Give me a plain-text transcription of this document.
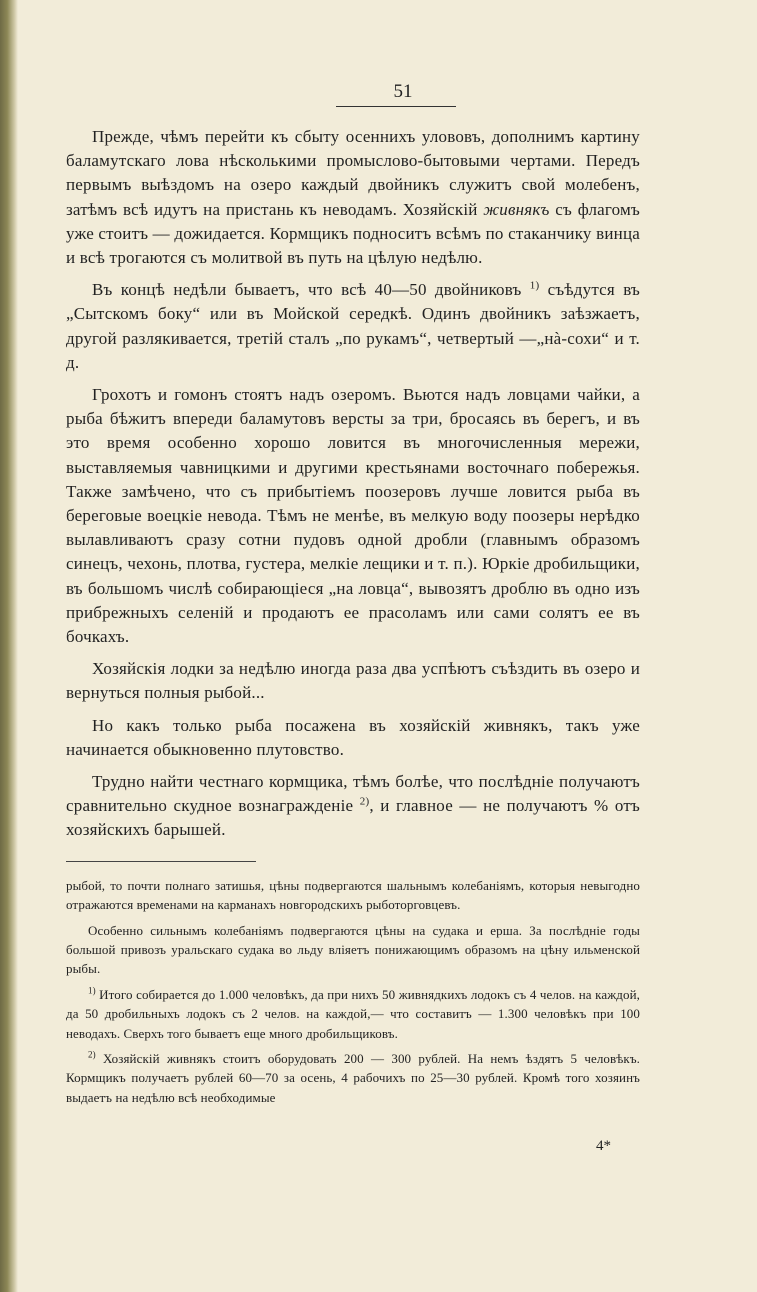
51

Прежде, чѣмъ перейти къ сбыту осеннихъ улововъ, дополнимъ картину баламутскаго лова нѣсколькими промыслово-бытовыми чертами. Передъ первымъ выѣздомъ на озеро каждый двойникъ служитъ свой молебенъ, затѣмъ всѣ идутъ на пристань къ неводамъ. Хозяйскій живнякъ съ флагомъ уже стоитъ — дожидается. Кормщикъ подноситъ всѣмъ по стаканчику винца и всѣ трогаются съ молитвой въ путь на цѣлую недѣлю.

Въ концѣ недѣли бываетъ, что всѣ 40—50 двойниковъ $^{1)}$ съѣдутся въ „Сытскомъ боку“ или въ Мойской середкѣ. Одинъ двойникъ заѣзжаетъ, другой разлякивается, третій сталъ „по рукамъ“, четвертый —„нà-сохи“ и т. д.

Грохотъ и гомонъ стоятъ надъ озеромъ. Вьются надъ ловцами чайки, а рыба бѣжитъ впереди баламутовъ версты за три, бросаясь въ берегъ, и въ это время особенно хорошо ловится въ многочисленныя мережи, выставляемыя чавницкими и другими крестьянами восточнаго побережья. Также замѣчено, что съ прибытіемъ поозеровъ лучше ловится рыба въ береговые воецкіе невода. Тѣмъ не менѣе, въ мелкую воду поозеры нерѣдко вылавливаютъ сразу сотни пудовъ одной дробли (главнымъ образомъ синецъ, чехонь, плотва, густера, мелкіе лещики и т. п.). Юркіе дробильщики, въ большомъ числѣ собирающіеся „на ловца“, вывозятъ дроблю въ одно изъ прибрежныхъ селеній и продаютъ ее прасоламъ или сами солятъ ее въ бочкахъ.

Хозяйскія лодки за недѣлю иногда раза два успѣютъ съѣздить въ озеро и вернуться полныя рыбой...

Но какъ только рыба посажена въ хозяйскій живнякъ, такъ уже начинается обыкновенно плутовство.

Трудно найти честнаго кормщика, тѣмъ болѣе, что послѣдніе получаютъ сравнительно скудное вознагражденіе $^{2)}$, и главное — не получаютъ % отъ хозяйскихъ барышей.

рыбой, то почти полнаго затишья, цѣны подвергаются шальнымъ колебаніямъ, которыя невыгодно отражаются временами на карманахъ новгородскихъ рыботорговцевъ.

Особенно сильнымъ колебаніямъ подвергаются цѣны на судака и ерша. За послѣдніе годы большой привозъ уральскаго судака во льду вліяетъ понижающимъ образомъ на цѣну ильменской рыбы.

$^{1)}$ Итого собирается до 1.000 человѣкъ, да при нихъ 50 живнядкихъ лодокъ съ 4 челов. на каждой, да 50 дробильныхъ лодокъ съ 2 челов. на каждой,— что составитъ — 1.300 человѣкъ при 100 неводахъ. Сверхъ того бываетъ еще много дробильщиковъ.

$^{2)}$ Хозяйскій живнякъ стоитъ оборудовать 200 — 300 рублей. На немъ ѣздятъ 5 человѣкъ. Кормщикъ получаетъ рублей 60—70 за осень, 4 рабочихъ по 25—30 рублей. Кромѣ того хозяинъ выдаетъ на недѣлю всѣ необходимые

4*
